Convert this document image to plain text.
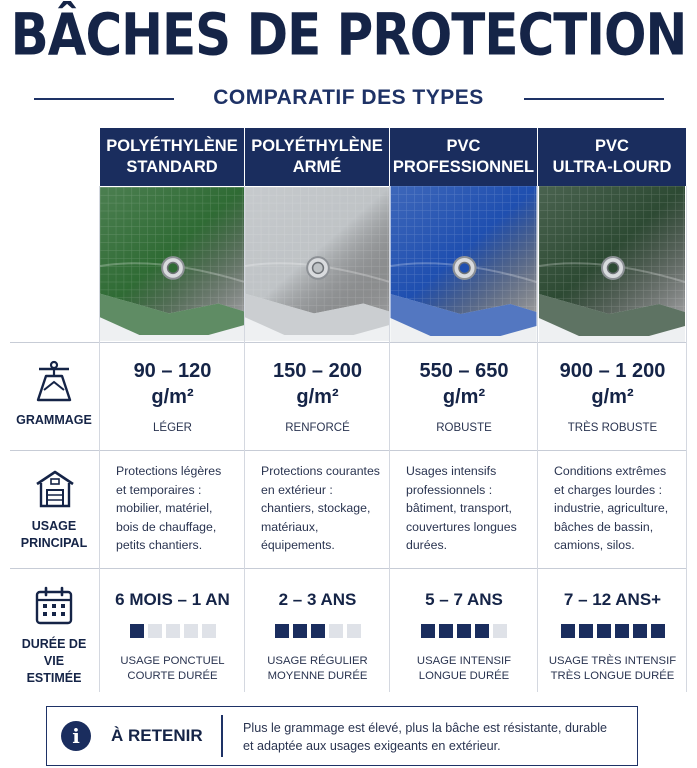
BÂCHES DE PROTECTION
COMPARATIF DES TYPES
GRAMMAGE
USAGE
PRINCIPAL
DURÉE DE VIE
ESTIMÉE
POLYÉTHYLÈNE
STANDARD
90 – 120
g/m²
LÉGER
Protections légères
et temporaires :
mobilier, matériel,
bois de chauffage,
petits chantiers.
6 MOIS – 1 AN
USAGE PONCTUEL
COURTE DURÉE
POLYÉTHYLÈNE
ARMÉ
150 – 200
g/m²
RENFORCÉ
Protections courantes
en extérieur :
chantiers, stockage,
matériaux,
équipements.
2 – 3 ANS
USAGE RÉGULIER
MOYENNE DURÉE
PVC
PROFESSIONNEL
550 – 650
g/m²
ROBUSTE
Usages intensifs
professionnels :
bâtiment, transport,
couvertures longues
durées.
5 – 7 ANS
USAGE INTENSIF
LONGUE DURÉE
PVC
ULTRA-LOURD
900 – 1 200
g/m²
TRÈS ROBUSTE
Conditions extrêmes
et charges lourdes :
industrie, agriculture,
bâches de bassin,
camions, silos.
7 – 12 ANS+
USAGE TRÈS INTENSIF
TRÈS LONGUE DURÉE
i	À RETENIR	Plus le grammage est élevé, plus la bâche est résistante, durable
et adaptée aux usages exigeants en extérieur.
